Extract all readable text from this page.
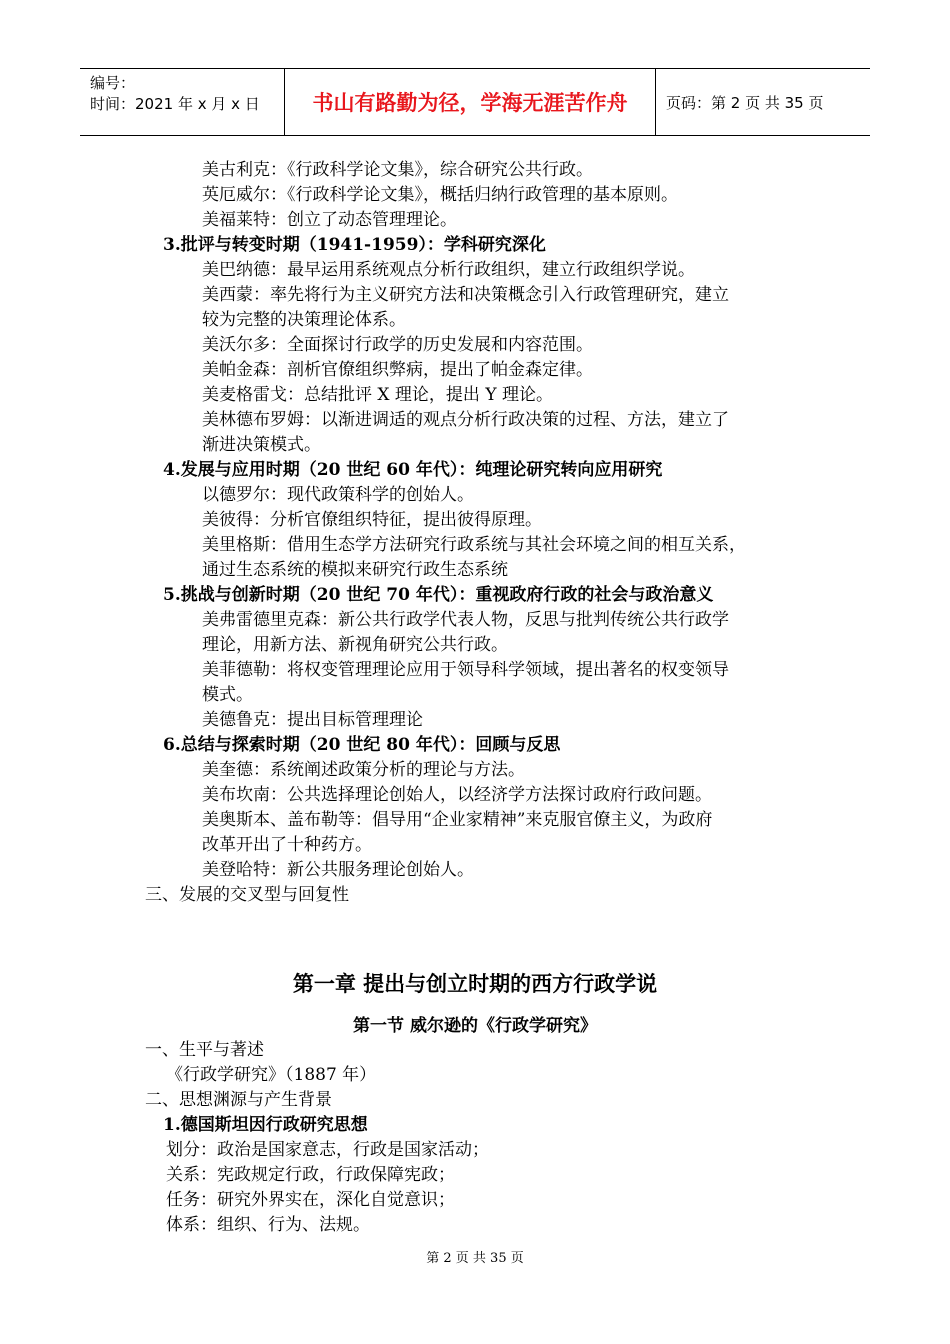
编号：
时间：2021 年 x 月 x 日	书山有路勤为径，学海无涯苦作舟	页码：第 2 页 共 35 页
美古利克：《行政科学论文集》，综合研究公共行政。
英厄威尔：《行政科学论文集》，概括归纳行政管理的基本原则。
美福莱特：创立了动态管理理论。
3.批评与转变时期（1941-1959）：学科研究深化
美巴纳德：最早运用系统观点分析行政组织，建立行政组织学说。
美西蒙：率先将行为主义研究方法和决策概念引入行政管理研究，建立
较为完整的决策理论体系。
美沃尔多：全面探讨行政学的历史发展和内容范围。
美帕金森：剖析官僚组织弊病，提出了帕金森定律。
美麦格雷戈：总结批评 X 理论，提出 Y 理论。
美林德布罗姆：以渐进调适的观点分析行政决策的过程、方法，建立了
渐进决策模式。
4.发展与应用时期（20 世纪 60 年代）：纯理论研究转向应用研究
以德罗尔：现代政策科学的创始人。
美彼得：分析官僚组织特征，提出彼得原理。
美里格斯：借用生态学方法研究行政系统与其社会环境之间的相互关系，
通过生态系统的模拟来研究行政生态系统
5.挑战与创新时期（20 世纪 70 年代）：重视政府行政的社会与政治意义
美弗雷德里克森：新公共行政学代表人物，反思与批判传统公共行政学
理论，用新方法、新视角研究公共行政。
美菲德勒：将权变管理理论应用于领导科学领域，提出著名的权变领导
模式。
美德鲁克：提出目标管理理论
6.总结与探索时期（20 世纪 80 年代）：回顾与反思
美奎德：系统阐述政策分析的理论与方法。
美布坎南：公共选择理论创始人，以经济学方法探讨政府行政问题。
美奥斯本、盖布勒等：倡导用“企业家精神”来克服官僚主义，为政府
改革开出了十种药方。
美登哈特：新公共服务理论创始人。
三、发展的交叉型与回复性
第一章 提出与创立时期的西方行政学说
第一节 威尔逊的《行政学研究》
一、生平与著述
《行政学研究》（1887 年）
二、思想渊源与产生背景
1.德国斯坦因行政研究思想
划分：政治是国家意志，行政是国家活动；
关系：宪政规定行政，行政保障宪政；
任务：研究外界实在，深化自觉意识；
体系：组织、行为、法规。
第 2 页 共 35 页
